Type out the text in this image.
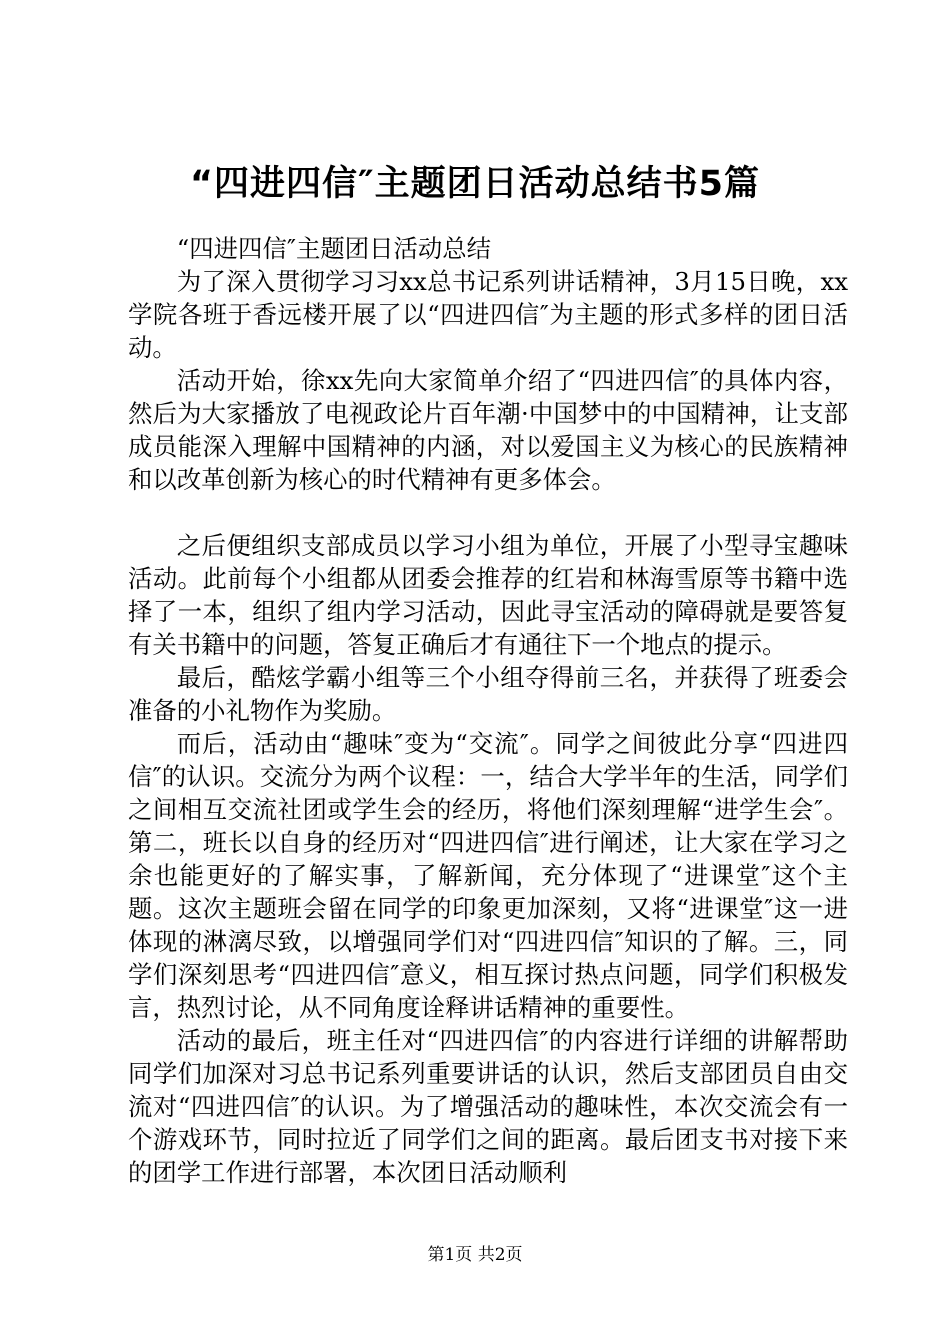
“四进四信″主题团日活动总结书5篇

“四进四信″主题团日活动总结

为了深入贯彻学习习xx总书记系列讲话精神，3月15日晚，xx学院各班于香远楼开展了以“四进四信″为主题的形式多样的团日活动。

活动开始，徐xx先向大家简单介绍了“四进四信″的具体内容，然后为大家播放了电视政论片百年潮·中国梦中的中国精神，让支部成员能深入理解中国精神的内涵，对以爱国主义为核心的民族精神和以改革创新为核心的时代精神有更多体会。

之后便组织支部成员以学习小组为单位，开展了小型寻宝趣味活动。此前每个小组都从团委会推荐的红岩和林海雪原等书籍中选择了一本，组织了组内学习活动，因此寻宝活动的障碍就是要答复有关书籍中的问题，答复正确后才有通往下一个地点的提示。

最后，酷炫学霸小组等三个小组夺得前三名，并获得了班委会准备的小礼物作为奖励。

而后，活动由“趣味″变为“交流″。同学之间彼此分享“四进四信″的认识。交流分为两个议程：一，结合大学半年的生活，同学们之间相互交流社团或学生会的经历，将他们深刻理解“进学生会″。第二，班长以自身的经历对“四进四信″进行阐述，让大家在学习之余也能更好的了解实事，了解新闻，充分体现了“进课堂″这个主题。这次主题班会留在同学的印象更加深刻，又将“进课堂″这一进体现的淋漓尽致，以增强同学们对“四进四信″知识的了解。三，同学们深刻思考“四进四信″意义，相互探讨热点问题，同学们积极发言，热烈讨论，从不同角度诠释讲话精神的重要性。

活动的最后，班主任对“四进四信″的内容进行详细的讲解帮助同学们加深对习总书记系列重要讲话的认识，然后支部团员自由交流对“四进四信″的认识。为了增强活动的趣味性，本次交流会有一个游戏环节，同时拉近了同学们之间的距离。最后团支书对接下来的团学工作进行部署，本次团日活动顺利

第1页 共2页
